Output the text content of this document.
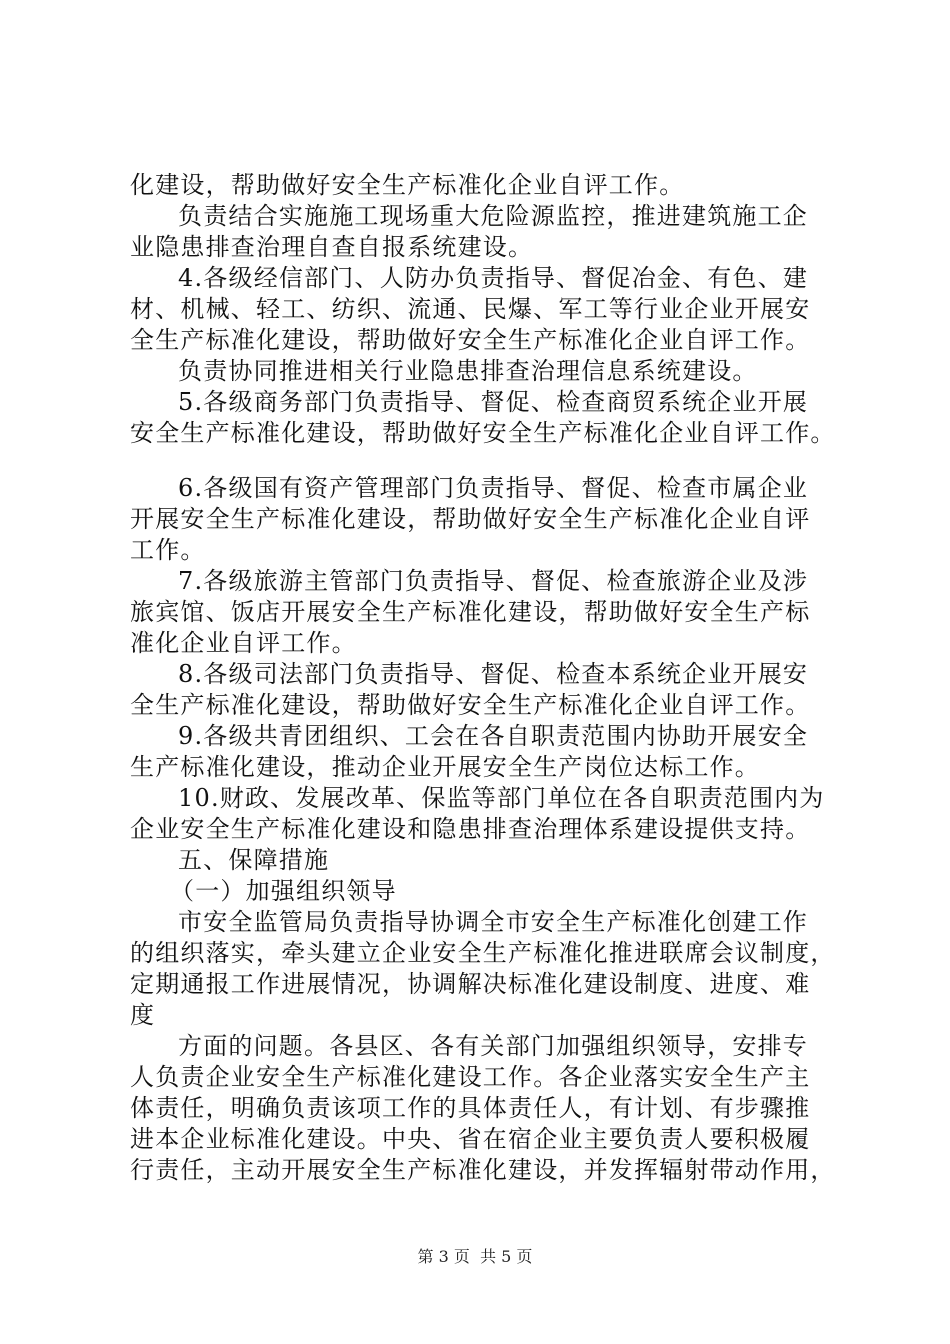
化建设，帮助做好安全生产标准化企业自评工作。
负责结合实施施工现场重大危险源监控，推进建筑施工企
业隐患排查治理自查自报系统建设。
4.各级经信部门、人防办负责指导、督促冶金、有色、建
材、机械、轻工、纺织、流通、民爆、军工等行业企业开展安
全生产标准化建设，帮助做好安全生产标准化企业自评工作。
负责协同推进相关行业隐患排查治理信息系统建设。
5.各级商务部门负责指导、督促、检查商贸系统企业开展
安全生产标准化建设，帮助做好安全生产标准化企业自评工作。
6.各级国有资产管理部门负责指导、督促、检查市属企业
开展安全生产标准化建设，帮助做好安全生产标准化企业自评
工作。
7.各级旅游主管部门负责指导、督促、检查旅游企业及涉
旅宾馆、饭店开展安全生产标准化建设，帮助做好安全生产标
准化企业自评工作。
8.各级司法部门负责指导、督促、检查本系统企业开展安
全生产标准化建设，帮助做好安全生产标准化企业自评工作。
9.各级共青团组织、工会在各自职责范围内协助开展安全
生产标准化建设，推动企业开展安全生产岗位达标工作。
10.财政、发展改革、保监等部门单位在各自职责范围内为
企业安全生产标准化建设和隐患排查治理体系建设提供支持。
五、保障措施
（一）加强组织领导
市安全监管局负责指导协调全市安全生产标准化创建工作
的组织落实，牵头建立企业安全生产标准化推进联席会议制度，
定期通报工作进展情况，协调解决标准化建设制度、进度、难
度
方面的问题。各县区、各有关部门加强组织领导，安排专
人负责企业安全生产标准化建设工作。各企业落实安全生产主
体责任，明确负责该项工作的具体责任人，有计划、有步骤推
进本企业标准化建设。中央、省在宿企业主要负责人要积极履
行责任，主动开展安全生产标准化建设，并发挥辐射带动作用，
第 3 页  共 5 页
